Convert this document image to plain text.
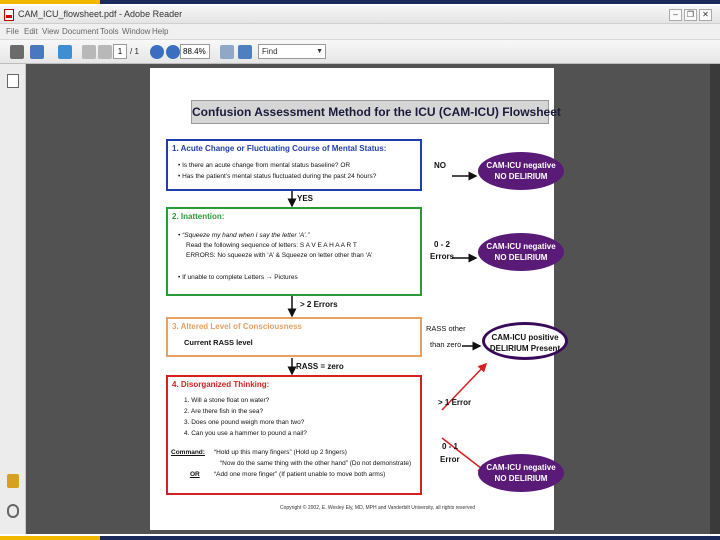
CAM_ICU_flowsheet.pdf - Adobe Reader	–	❐	✕
File Edit View Document Tools Window Help
1 / 1	88.4%	Find	▼
Confusion Assessment Method for the ICU (CAM-ICU) Flowsheet
1. Acute Change or Fluctuating Course of Mental Status:

• Is there an acute change from mental status baseline? OR

• Has the patient’s mental status fluctuated during the past 24 hours?

2. Inattention:

• “Squeeze my hand when I say the letter ‘A’.”

Read the following sequence of letters: S A V E A H A A R T

ERRORS: No squeeze with ‘A’ & Squeeze on letter other than ‘A’

• If unable to complete Letters → Pictures

3. Altered Level of Consciousness

Current RASS level

4. Disorganized Thinking:

1. Will a stone float on water?

2. Are there fish in the sea?

3. Does one pound weigh more than two?

4. Can you use a hammer to pound a nail?

Command: “Hold up this many fingers” (Hold up 2 fingers)

“Now do the same thing with the other hand” (Do not demonstrate)

OR “Add one more finger” (If patient unable to move both arms)

NO
YES
0 - 2
Errors
> 2 Errors
RASS other
than zero
RASS = zero
> 1 Error
0 - 1
Error
CAM-ICU negative
NO DELIRIUM
CAM-ICU negative
NO DELIRIUM
CAM-ICU positive
DELIRIUM Present
CAM-ICU negative
NO DELIRIUM
Copyright © 2002, E. Wesley Ely, MD, MPH and Vanderbilt University, all rights reserved
